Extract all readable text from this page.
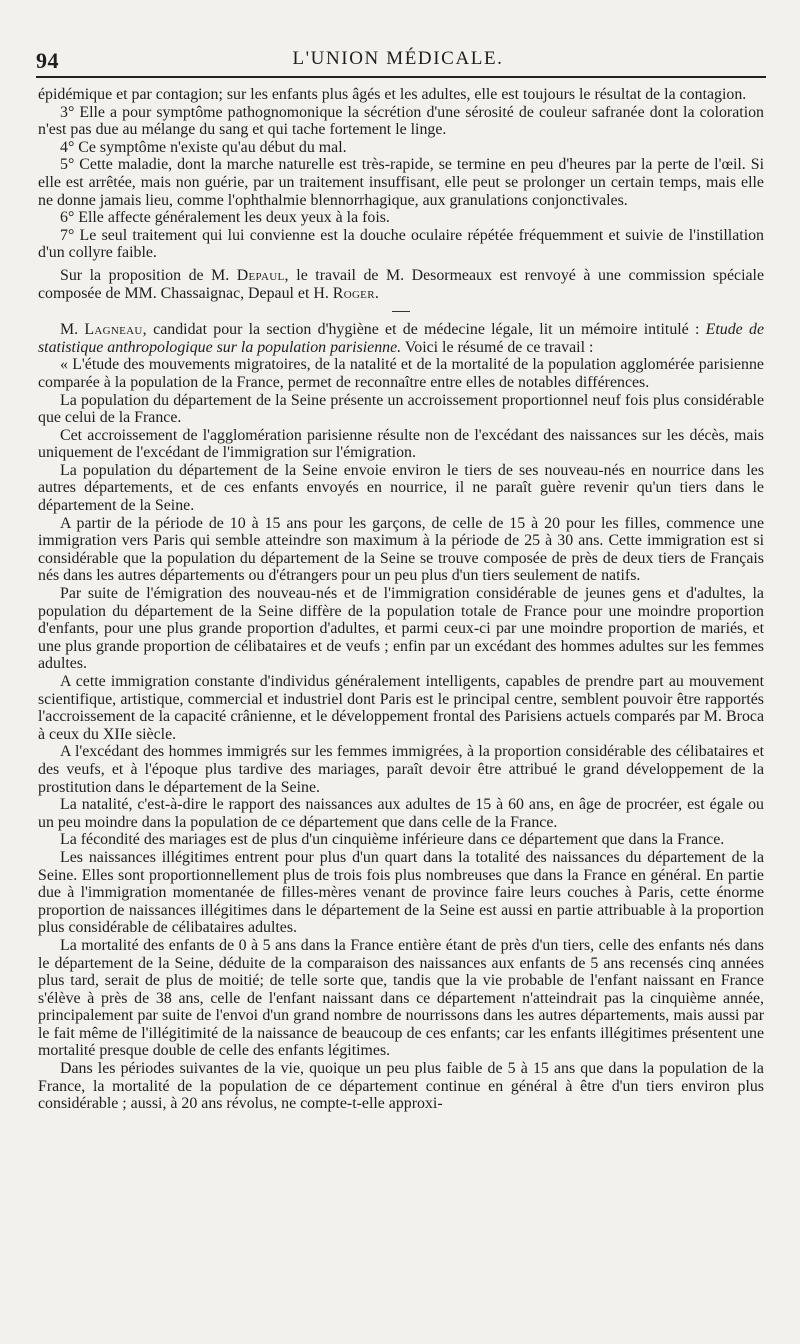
94	L'UNION MÉDICALE.

épidémique et par contagion; sur les enfants plus âgés et les adultes, elle est toujours le résultat de la contagion.

3° Elle a pour symptôme pathognomonique la sécrétion d'une sérosité de couleur safranée dont la coloration n'est pas due au mélange du sang et qui tache fortement le linge.

4° Ce symptôme n'existe qu'au début du mal.

5° Cette maladie, dont la marche naturelle est très-rapide, se termine en peu d'heures par la perte de l'œil. Si elle est arrêtée, mais non guérie, par un traitement insuffisant, elle peut se prolonger un certain temps, mais elle ne donne jamais lieu, comme l'ophthalmie blennorrhagique, aux granulations conjonctivales.

6° Elle affecte généralement les deux yeux à la fois.

7° Le seul traitement qui lui convienne est la douche oculaire répétée fréquemment et suivie de l'instillation d'un collyre faible.

Sur la proposition de M. Depaul, le travail de M. Desormeaux est renvoyé à une commission spéciale composée de MM. Chassaignac, Depaul et H. Roger.

M. Lagneau, candidat pour la section d'hygiène et de médecine légale, lit un mémoire intitulé : Etude de statistique anthropologique sur la population parisienne. Voici le résumé de ce travail :

« L'étude des mouvements migratoires, de la natalité et de la mortalité de la population agglomérée parisienne comparée à la population de la France, permet de reconnaître entre elles de notables différences.

La population du département de la Seine présente un accroissement proportionnel neuf fois plus considérable que celui de la France.

Cet accroissement de l'agglomération parisienne résulte non de l'excédant des naissances sur les décès, mais uniquement de l'excédant de l'immigration sur l'émigration.

La population du département de la Seine envoie environ le tiers de ses nouveau-nés en nourrice dans les autres départements, et de ces enfants envoyés en nourrice, il ne paraît guère revenir qu'un tiers dans le département de la Seine.

A partir de la période de 10 à 15 ans pour les garçons, de celle de 15 à 20 pour les filles, commence une immigration vers Paris qui semble atteindre son maximum à la période de 25 à 30 ans. Cette immigration est si considérable que la population du département de la Seine se trouve composée de près de deux tiers de Français nés dans les autres départements ou d'étrangers pour un peu plus d'un tiers seulement de natifs.

Par suite de l'émigration des nouveau-nés et de l'immigration considérable de jeunes gens et d'adultes, la population du département de la Seine diffère de la population totale de France pour une moindre proportion d'enfants, pour une plus grande proportion d'adultes, et parmi ceux-ci par une moindre proportion de mariés, et une plus grande proportion de célibataires et de veufs ; enfin par un excédant des hommes adultes sur les femmes adultes.

A cette immigration constante d'individus généralement intelligents, capables de prendre part au mouvement scientifique, artistique, commercial et industriel dont Paris est le principal centre, semblent pouvoir être rapportés l'accroissement de la capacité crânienne, et le développement frontal des Parisiens actuels comparés par M. Broca à ceux du XIIe siècle.

A l'excédant des hommes immigrés sur les femmes immigrées, à la proportion considérable des célibataires et des veufs, et à l'époque plus tardive des mariages, paraît devoir être attribué le grand développement de la prostitution dans le département de la Seine.

La natalité, c'est-à-dire le rapport des naissances aux adultes de 15 à 60 ans, en âge de procréer, est égale ou un peu moindre dans la population de ce département que dans celle de la France.

La fécondité des mariages est de plus d'un cinquième inférieure dans ce département que dans la France.

Les naissances illégitimes entrent pour plus d'un quart dans la totalité des naissances du département de la Seine. Elles sont proportionnellement plus de trois fois plus nombreuses que dans la France en général. En partie due à l'immigration momentanée de filles-mères venant de province faire leurs couches à Paris, cette énorme proportion de naissances illégitimes dans le département de la Seine est aussi en partie attribuable à la proportion plus considérable de célibataires adultes.

La mortalité des enfants de 0 à 5 ans dans la France entière étant de près d'un tiers, celle des enfants nés dans le département de la Seine, déduite de la comparaison des naissances aux enfants de 5 ans recensés cinq années plus tard, serait de plus de moitié; de telle sorte que, tandis que la vie probable de l'enfant naissant en France s'élève à près de 38 ans, celle de l'enfant naissant dans ce département n'atteindrait pas la cinquième année, principalement par suite de l'envoi d'un grand nombre de nourrissons dans les autres départements, mais aussi par le fait même de l'illégitimité de la naissance de beaucoup de ces enfants; car les enfants illégitimes présentent une mortalité presque double de celle des enfants légitimes.

Dans les périodes suivantes de la vie, quoique un peu plus faible de 5 à 15 ans que dans la population de la France, la mortalité de la population de ce département continue en général à être d'un tiers environ plus considérable ; aussi, à 20 ans révolus, ne compte-t-elle approxi-
